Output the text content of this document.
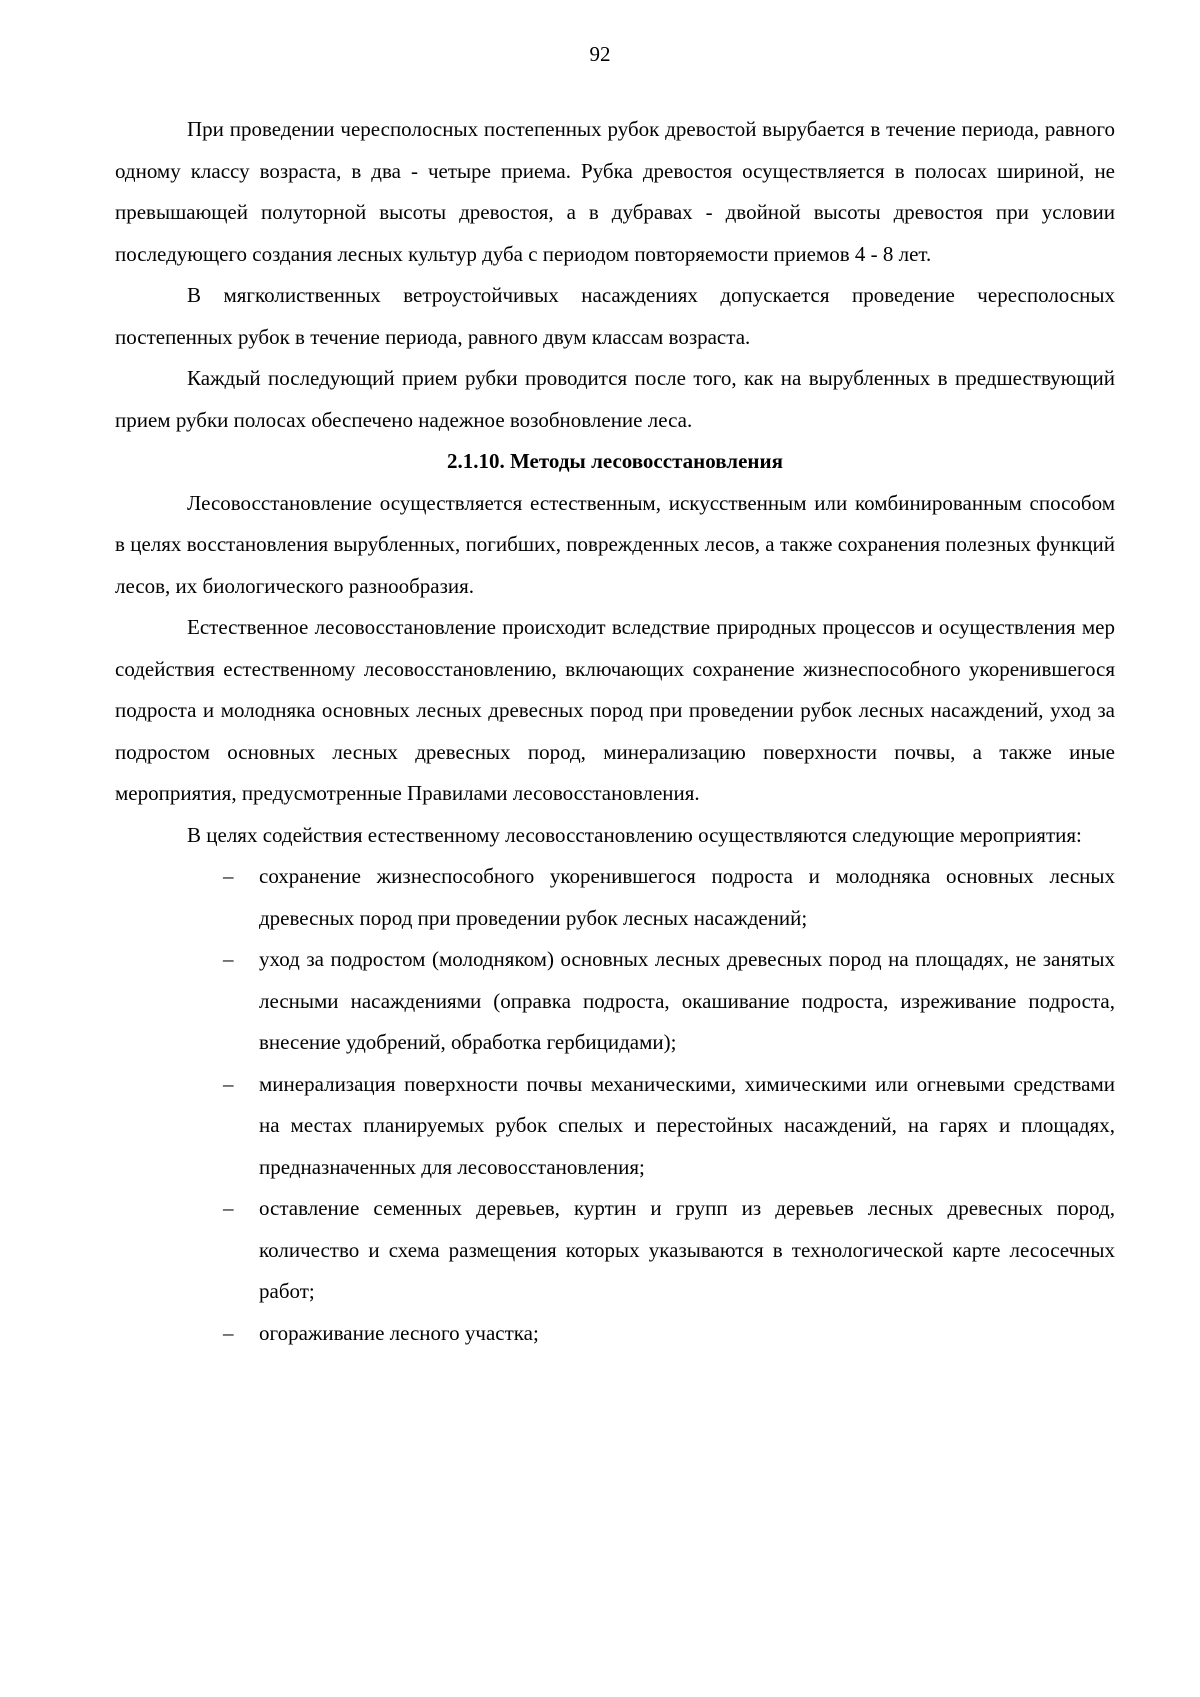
92

При проведении чересполосных постепенных рубок древостой вырубается в течение периода, равного одному классу возраста, в два - четыре приема. Рубка древостоя осуществляется в полосах шириной, не превышающей полуторной высоты древостоя, а в дубравах - двойной высоты древостоя при условии последующего создания лесных культур дуба с периодом повторяемости приемов 4 - 8 лет.

В мягколиственных ветроустойчивых насаждениях допускается проведение чересполосных постепенных рубок в течение периода, равного двум классам возраста.

Каждый последующий прием рубки проводится после того, как на вырубленных в предшествующий прием рубки полосах обеспечено надежное возобновление леса.

2.1.10. Методы лесовосстановления

Лесовосстановление осуществляется естественным, искусственным или комбинированным способом в целях восстановления вырубленных, погибших, поврежденных лесов, а также сохранения полезных функций лесов, их биологического разнообразия.

Естественное лесовосстановление происходит вследствие природных процессов и осуществления мер содействия естественному лесовосстановлению, включающих сохранение жизнеспособного укоренившегося подроста и молодняка основных лесных древесных пород при проведении рубок лесных насаждений, уход за подростом основных лесных древесных пород, минерализацию поверхности почвы, а также иные мероприятия, предусмотренные Правилами лесовосстановления.

В целях содействия естественному лесовосстановлению осуществляются следующие мероприятия:

– сохранение жизнеспособного укоренившегося подроста и молодняка основных лесных древесных пород при проведении рубок лесных насаждений;
– уход за подростом (молодняком) основных лесных древесных пород на площадях, не занятых лесными насаждениями (оправка подроста, окашивание подроста, изреживание подроста, внесение удобрений, обработка гербицидами);
– минерализация поверхности почвы механическими, химическими или огневыми средствами на местах планируемых рубок спелых и перестойных насаждений, на гарях и площадях, предназначенных для лесовосстановления;
– оставление семенных деревьев, куртин и групп из деревьев лесных древесных пород, количество и схема размещения которых указываются в технологической карте лесосечных работ;
– огораживание лесного участка;
